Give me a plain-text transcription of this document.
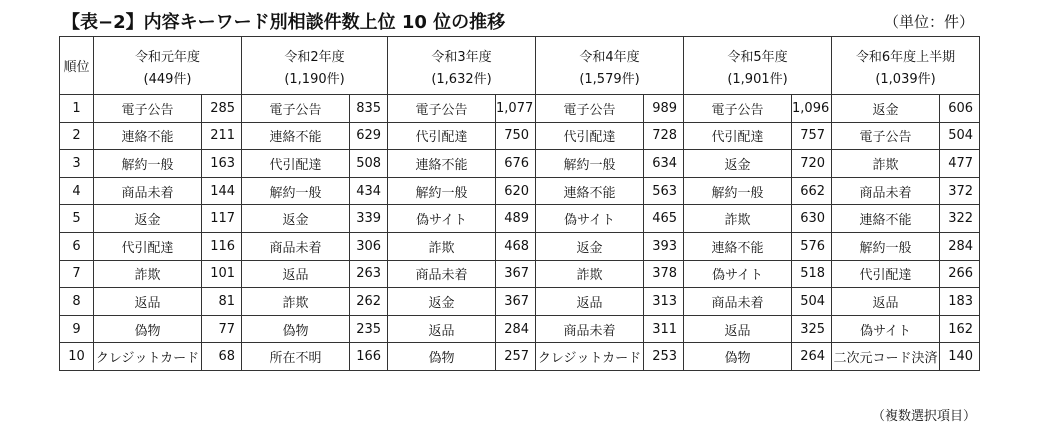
【表−2】内容キーワード別相談件数上位 10 位の推移	（単位：件）
順位	令和元年度		令和2年度		令和3年度		令和4年度		令和5年度		令和6年度上半期	
	(449件)		(1,190件)		(1,632件)		(1,579件)		(1,901件)		(1,039件)	
1	電子公告	285	電子公告	835	電子公告	1,077	電子公告	989	電子公告	1,096	返金	606
2	連絡不能	211	連絡不能	629	代引配達	750	代引配達	728	代引配達	757	電子公告	504
3	解約一般	163	代引配達	508	連絡不能	676	解約一般	634	返金	720	詐欺	477
4	商品未着	144	解約一般	434	解約一般	620	連絡不能	563	解約一般	662	商品未着	372
5	返金	117	返金	339	偽サイト	489	偽サイト	465	詐欺	630	連絡不能	322
6	代引配達	116	商品未着	306	詐欺	468	返金	393	連絡不能	576	解約一般	284
7	詐欺	101	返品	263	商品未着	367	詐欺	378	偽サイト	518	代引配達	266
8	返品	81	詐欺	262	返金	367	返品	313	商品未着	504	返品	183
9	偽物	77	偽物	235	返品	284	商品未着	311	返品	325	偽サイト	162
10	クレジットカード	68	所在不明	166	偽物	257	クレジットカード	253	偽物	264	二次元コード決済	140
（複数選択項目）
